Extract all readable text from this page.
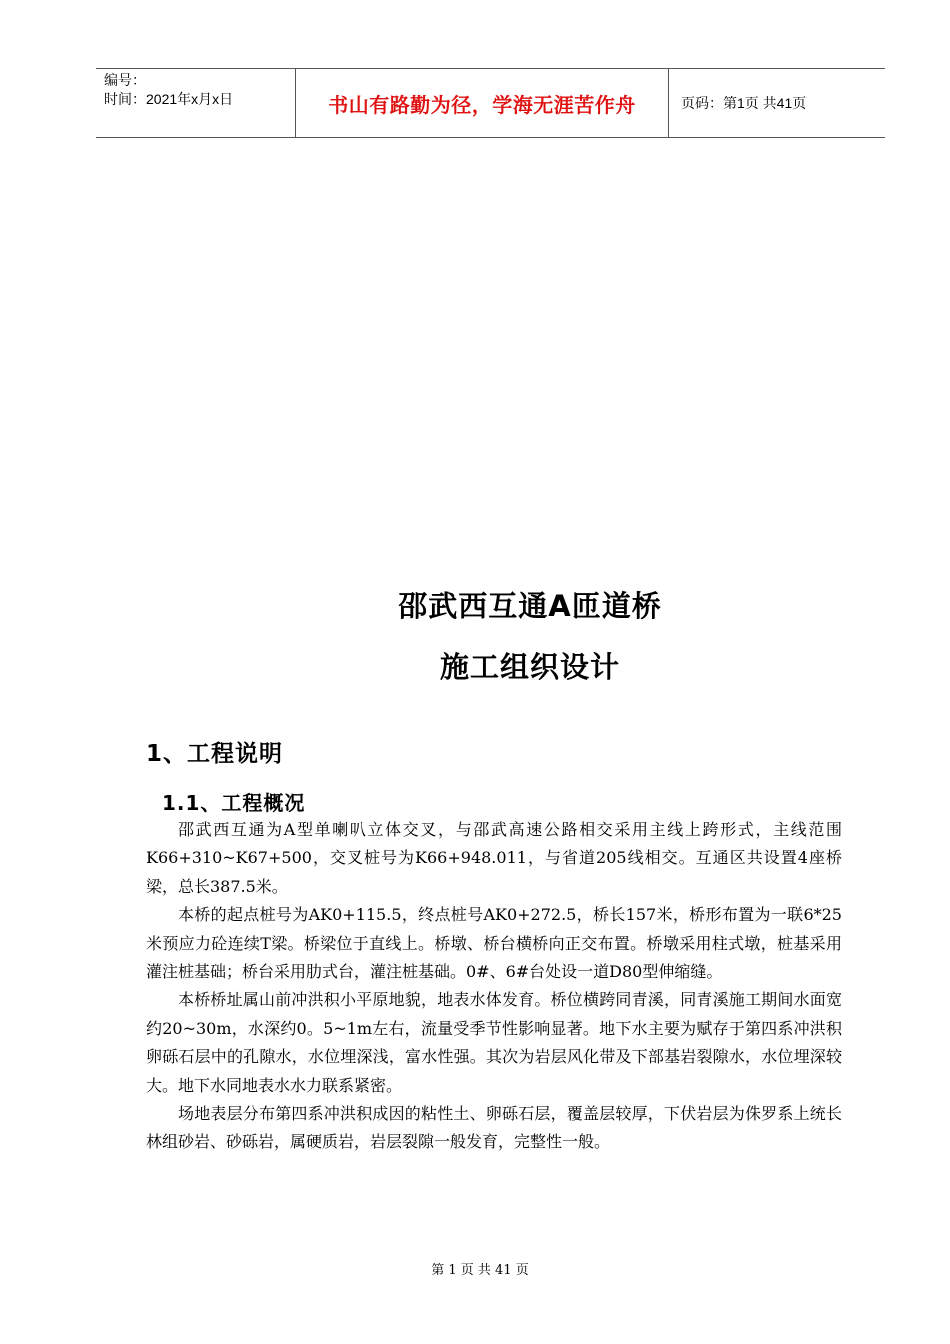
编号：
时间：2021年x月x日	书山有路勤为径，学海无涯苦作舟	页码：第1页 共41页
邵武西互通A匝道桥
施工组织设计
1、工程说明
1.1、工程概况

邵武西互通为A型单喇叭立体交叉，与邵武高速公路相交采用主线上跨形式，主线范围K66+310~K67+500，交叉桩号为K66+948.011，与省道205线相交。互通区共设置4座桥梁，总长387.5米。

本桥的起点桩号为AK0+115.5，终点桩号AK0+272.5，桥长157米，桥形布置为一联6*25米预应力砼连续T梁。桥梁位于直线上。桥墩、桥台横桥向正交布置。桥墩采用柱式墩，桩基采用灌注桩基础；桥台采用肋式台，灌注桩基础。0#、6#台处设一道D80型伸缩缝。

本桥桥址属山前冲洪积小平原地貌，地表水体发育。桥位横跨同青溪，同青溪施工期间水面宽约20~30m，水深约0。5~1m左右，流量受季节性影响显著。地下水主要为赋存于第四系冲洪积卵砾石层中的孔隙水，水位埋深浅，富水性强。其次为岩层风化带及下部基岩裂隙水，水位埋深较大。地下水同地表水水力联系紧密。

场地表层分布第四系冲洪积成因的粘性土、卵砾石层，覆盖层较厚，下伏岩层为侏罗系上统长林组砂岩、砂砾岩，属硬质岩，岩层裂隙一般发育，完整性一般。

第 1 页 共 41 页
